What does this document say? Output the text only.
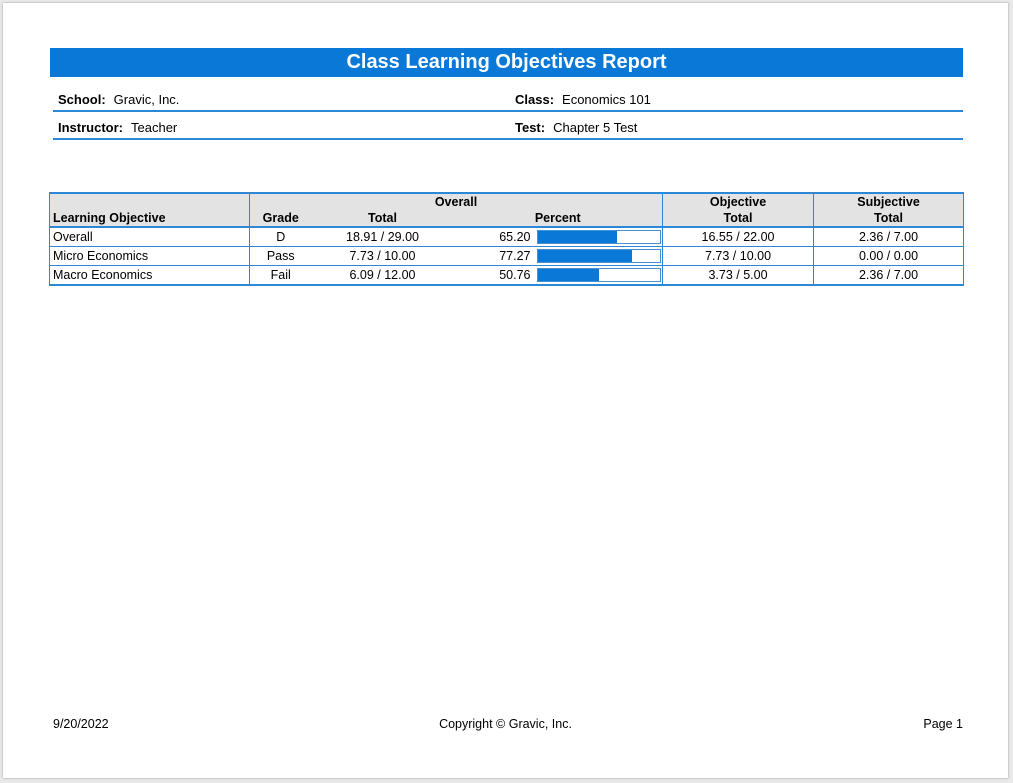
Class Learning Objectives Report
School: Gravic, Inc.	Class: Economics 101
Instructor: Teacher	Test: Chapter 5 Test
	Overall				Objective	Subjective
Learning Objective	Grade	Total	Percent		Total	Total
Overall	D	18.91 / 29.00	65.20		16.55 / 22.00	2.36 / 7.00
Micro Economics	Pass	7.73 / 10.00	77.27		7.73 / 10.00	0.00 / 0.00
Macro Economics	Fail	6.09 / 12.00	50.76		3.73 / 5.00	2.36 / 7.00
9/20/2022	Copyright © Gravic, Inc.	Page 1
